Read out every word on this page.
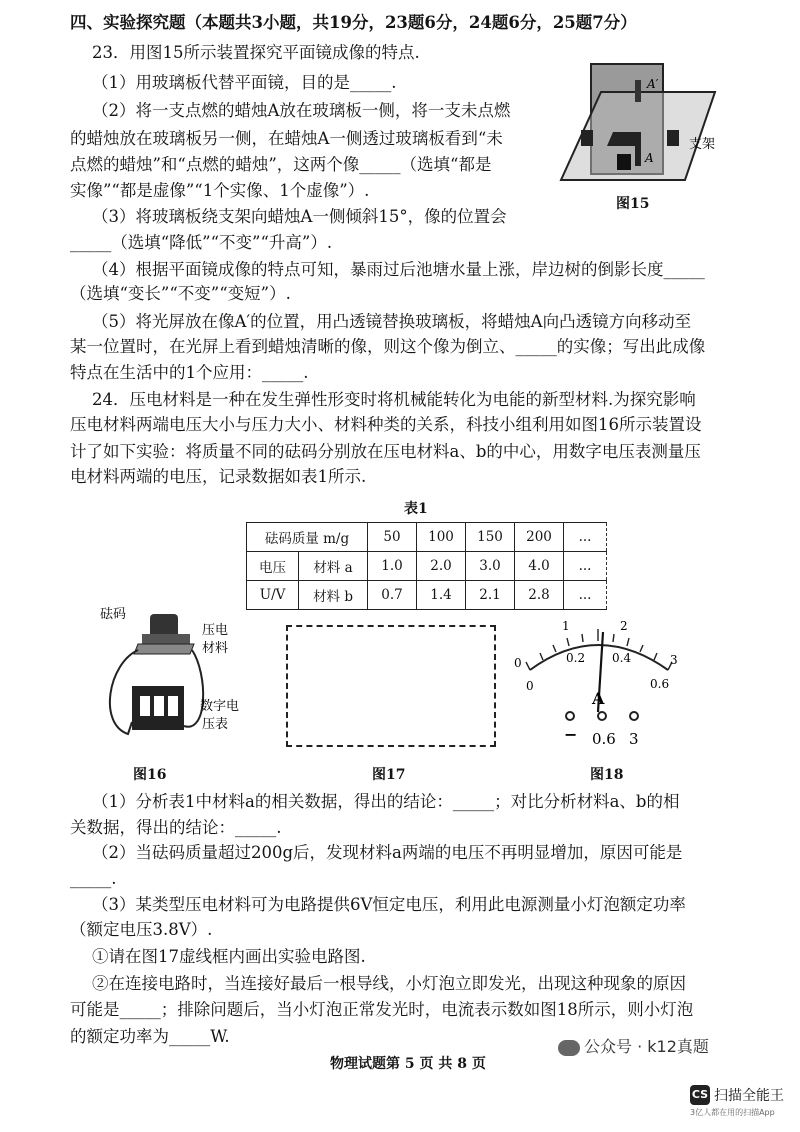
四、实验探究题（本题共3小题，共19分，23题6分，24题6分，25题7分）
23．用图15所示装置探究平面镜成像的特点.
（1）用玻璃板代替平面镜，目的是_____.
（2）将一支点燃的蜡烛A放在玻璃板一侧，将一支未点燃
的蜡烛放在玻璃板另一侧，在蜡烛A一侧透过玻璃板看到“未
点燃的蜡烛”和“点燃的蜡烛”，这两个像_____（选填“都是
实像”“都是虚像”“1个实像、1个虚像”）.
（3）将玻璃板绕支架向蜡烛A一侧倾斜15°，像的位置会
_____（选填“降低”“不变”“升高”）.
（4）根据平面镜成像的特点可知，暴雨过后池塘水量上涨，岸边树的倒影长度_____
（选填“变长”“不变”“变短”）.
（5）将光屏放在像A′的位置，用凸透镜替换玻璃板，将蜡烛A向凸透镜方向移动至
某一位置时，在光屏上看到蜡烛清晰的像，则这个像为倒立、_____的实像；写出此成像
特点在生活中的1个应用：_____.
A′
A
支架
图15
24．压电材料是一种在发生弹性形变时将机械能转化为电能的新型材料.为探究影响
压电材料两端电压大小与压力大小、材料种类的关系，科技小组利用如图16所示装置设
计了如下实验：将质量不同的砝码分别放在压电材料a、b的中心，用数字电压表测量压
电材料两端的电压，记录数据如表1所示.
表1
砝码质量 m/g		50	100	150	200	...
电压	材料 a	1.0	2.0	3.0	4.0	...
U/V	材料 b	0.7	1.4	2.1	2.8	...
砝码
压电
材料
数字电
压表
图16	图17
0
1	2
3
0
0.2 0.4
0.6
A
− 0.6 3
图18
（1）分析表1中材料a的相关数据，得出的结论：_____；对比分析材料a、b的相
关数据，得出的结论：_____.
（2）当砝码质量超过200g后，发现材料a两端的电压不再明显增加，原因可能是
_____.
（3）某类型压电材料可为电路提供6V恒定电压，利用此电源测量小灯泡额定功率
（额定电压3.8V）.
①请在图17虚线框内画出实验电路图.
②在连接电路时，当连接好最后一根导线，小灯泡立即发光，出现这种现象的原因
可能是_____；排除问题后，当小灯泡正常发光时，电流表示数如图18所示，则小灯泡
的额定功率为_____W.
公众号 · k12真题
物理试题第 5 页 共 8 页
CS 扫描全能王
3亿人都在用的扫描App
